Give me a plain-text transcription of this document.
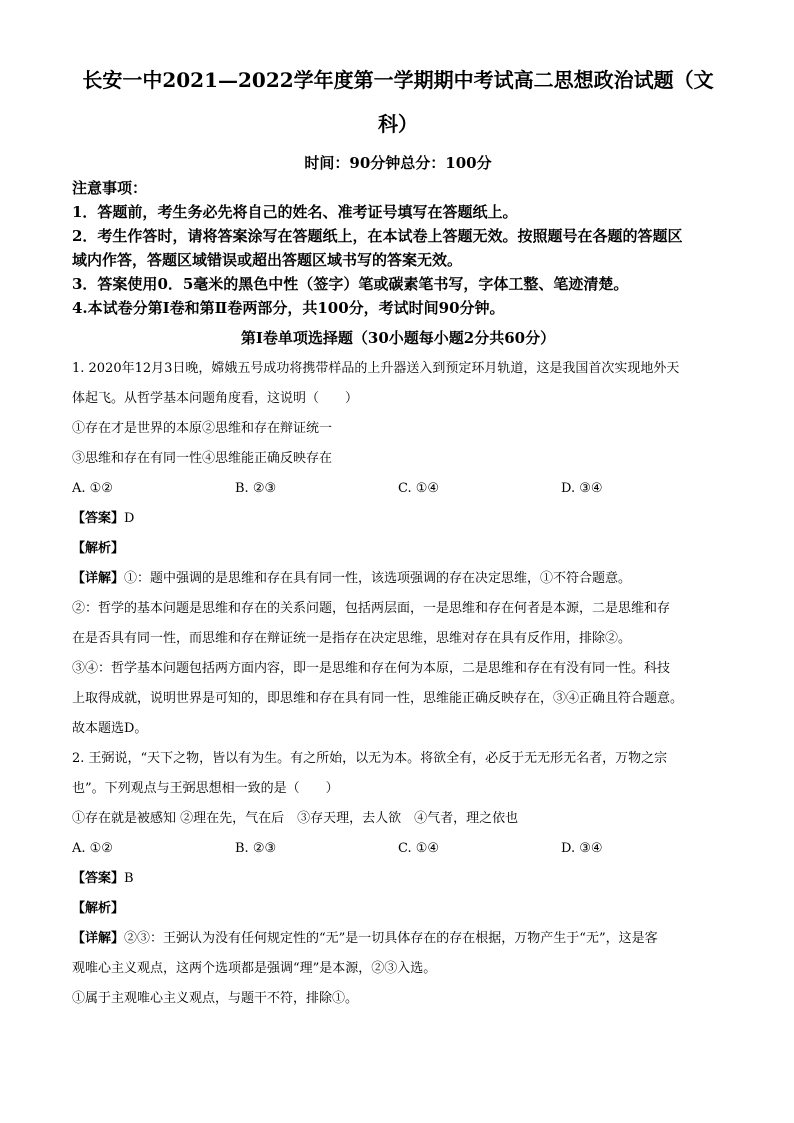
长安一中2021—2022学年度第一学期期中考试高二思想政治试题（文

科）

时间：90分钟总分：100分

注意事项：

1．答题前，考生务必先将自己的姓名、准考证号填写在答题纸上。

2．考生作答时，请将答案涂写在答题纸上，在本试卷上答题无效。按照题号在各题的答题区

域内作答，答题区域错误或超出答题区域书写的答案无效。

3．答案使用0．5毫米的黑色中性（签字）笔或碳素笔书写，字体工整、笔迹清楚。

4.本试卷分第Ⅰ卷和第Ⅱ卷两部分，共100分，考试时间90分钟。

第Ⅰ卷单项选择题（30小题每小题2分共60分）

1. 2020年12月3日晚，嫦娥五号成功将携带样品的上升器送入到预定环月轨道，这是我国首次实现地外天

体起飞。从哲学基本问题角度看，这说明（　　）

①存在才是世界的本原②思维和存在辩证统一

③思维和存在有同一性④思维能正确反映存在

A. ①②	B. ②③	C. ①④	D. ③④

【答案】D

【解析】

【详解】①：题中强调的是思维和存在具有同一性，该选项强调的存在决定思维，①不符合题意。

②：哲学的基本问题是思维和存在的关系问题，包括两层面，一是思维和存在何者是本源，二是思维和存

在是否具有同一性，而思维和存在辩证统一是指存在决定思维，思维对存在具有反作用，排除②。

③④：哲学基本问题包括两方面内容，即一是思维和存在何为本原，二是思维和存在有没有同一性。科技

上取得成就，说明世界是可知的，即思维和存在具有同一性，思维能正确反映存在，③④正确且符合题意。

故本题选D。

2. 王弼说，“天下之物，皆以有为生。有之所始，以无为本。将欲全有，必反于无无形无名者，万物之宗

也”。下列观点与王弼思想相一致的是（　　）

①存在就是被感知 ②理在先，气在后　③存天理，去人欲　④气者，理之依也

A. ①②	B. ②③	C. ①④	D. ③④

【答案】B

【解析】

【详解】②③：王弼认为没有任何规定性的“无”是一切具体存在的存在根据，万物产生于“无”，这是客

观唯心主义观点，这两个选项都是强调“理”是本源，②③入选。

①属于主观唯心主义观点，与题干不符，排除①。
